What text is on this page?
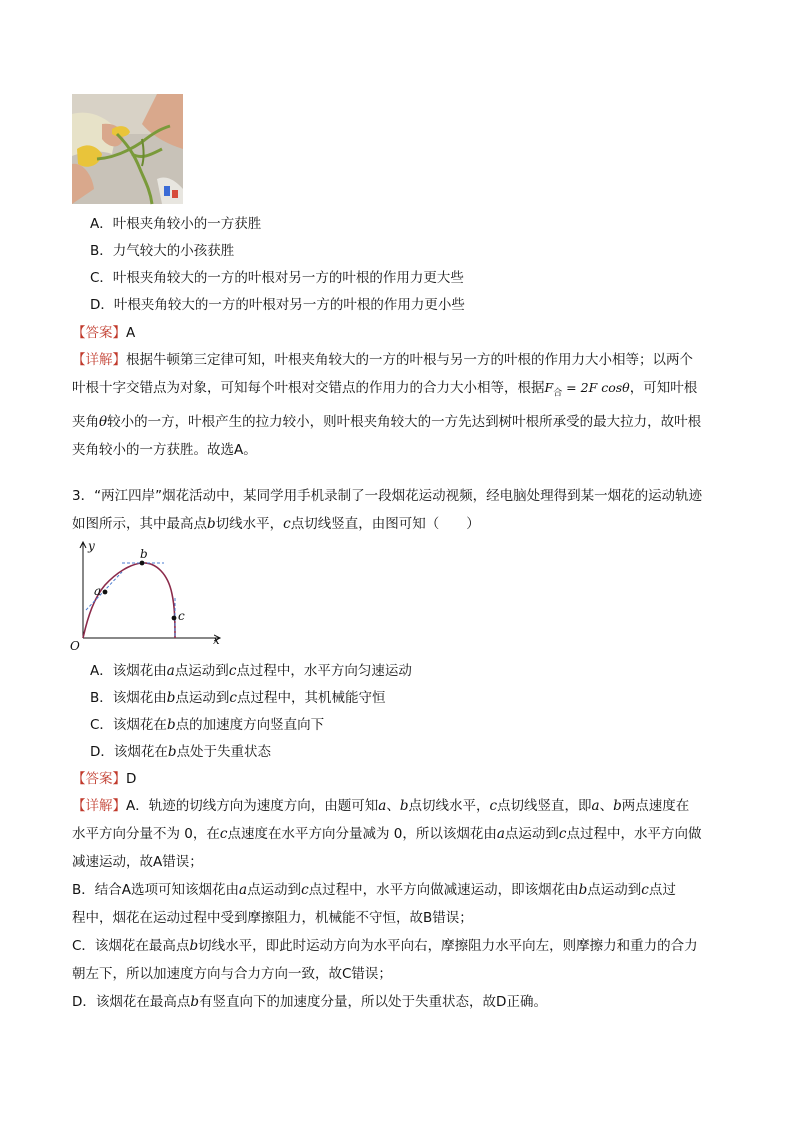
A．叶根夹角较小的一方获胜
B．力气较大的小孩获胜
C．叶根夹角较大的一方的叶根对另一方的叶根的作用力更大些
D．叶根夹角较大的一方的叶根对另一方的叶根的作用力更小些
【答案】A

【详解】根据牛顿第三定律可知，叶根夹角较大的一方的叶根与另一方的叶根的作用力大小相等；以两个

叶根十字交错点为对象，可知每个叶根对交错点的作用力的合力大小相等，根据$F_合 = 2F$ cosθ，可知叶根

夹角θ较小的一方，叶根产生的拉力较小，则叶根夹角较大的一方先达到树叶根所承受的最大拉力，故叶根

夹角较小的一方获胜。故选A。

3．“两江四岸”烟花活动中，某同学用手机录制了一段烟花运动视频，经电脑处理得到某一烟花的运动轨迹

如图所示，其中最高点b切线水平，c点切线竖直，由图可知（　　）

y
x
O
a
b
c
A．该烟花由a点运动到c点过程中，水平方向匀速运动
B．该烟花由b点运动到c点过程中，其机械能守恒
C．该烟花在b点的加速度方向竖直向下
D．该烟花在b点处于失重状态
【答案】D

【详解】A．轨迹的切线方向为速度方向，由题可知a、b点切线水平，c点切线竖直，即a、b两点速度在

水平方向分量不为 0，在c点速度在水平方向分量减为 0，所以该烟花由a点运动到c点过程中，水平方向做

减速运动，故A错误；

B．结合A选项可知该烟花由a点运动到c点过程中，水平方向做减速运动，即该烟花由b点运动到c点过

程中，烟花在运动过程中受到摩擦阻力，机械能不守恒，故B错误；

C．该烟花在最高点b切线水平，即此时运动方向为水平向右，摩擦阻力水平向左，则摩擦力和重力的合力

朝左下，所以加速度方向与合力方向一致，故C错误；

D．该烟花在最高点b有竖直向下的加速度分量，所以处于失重状态，故D正确。
